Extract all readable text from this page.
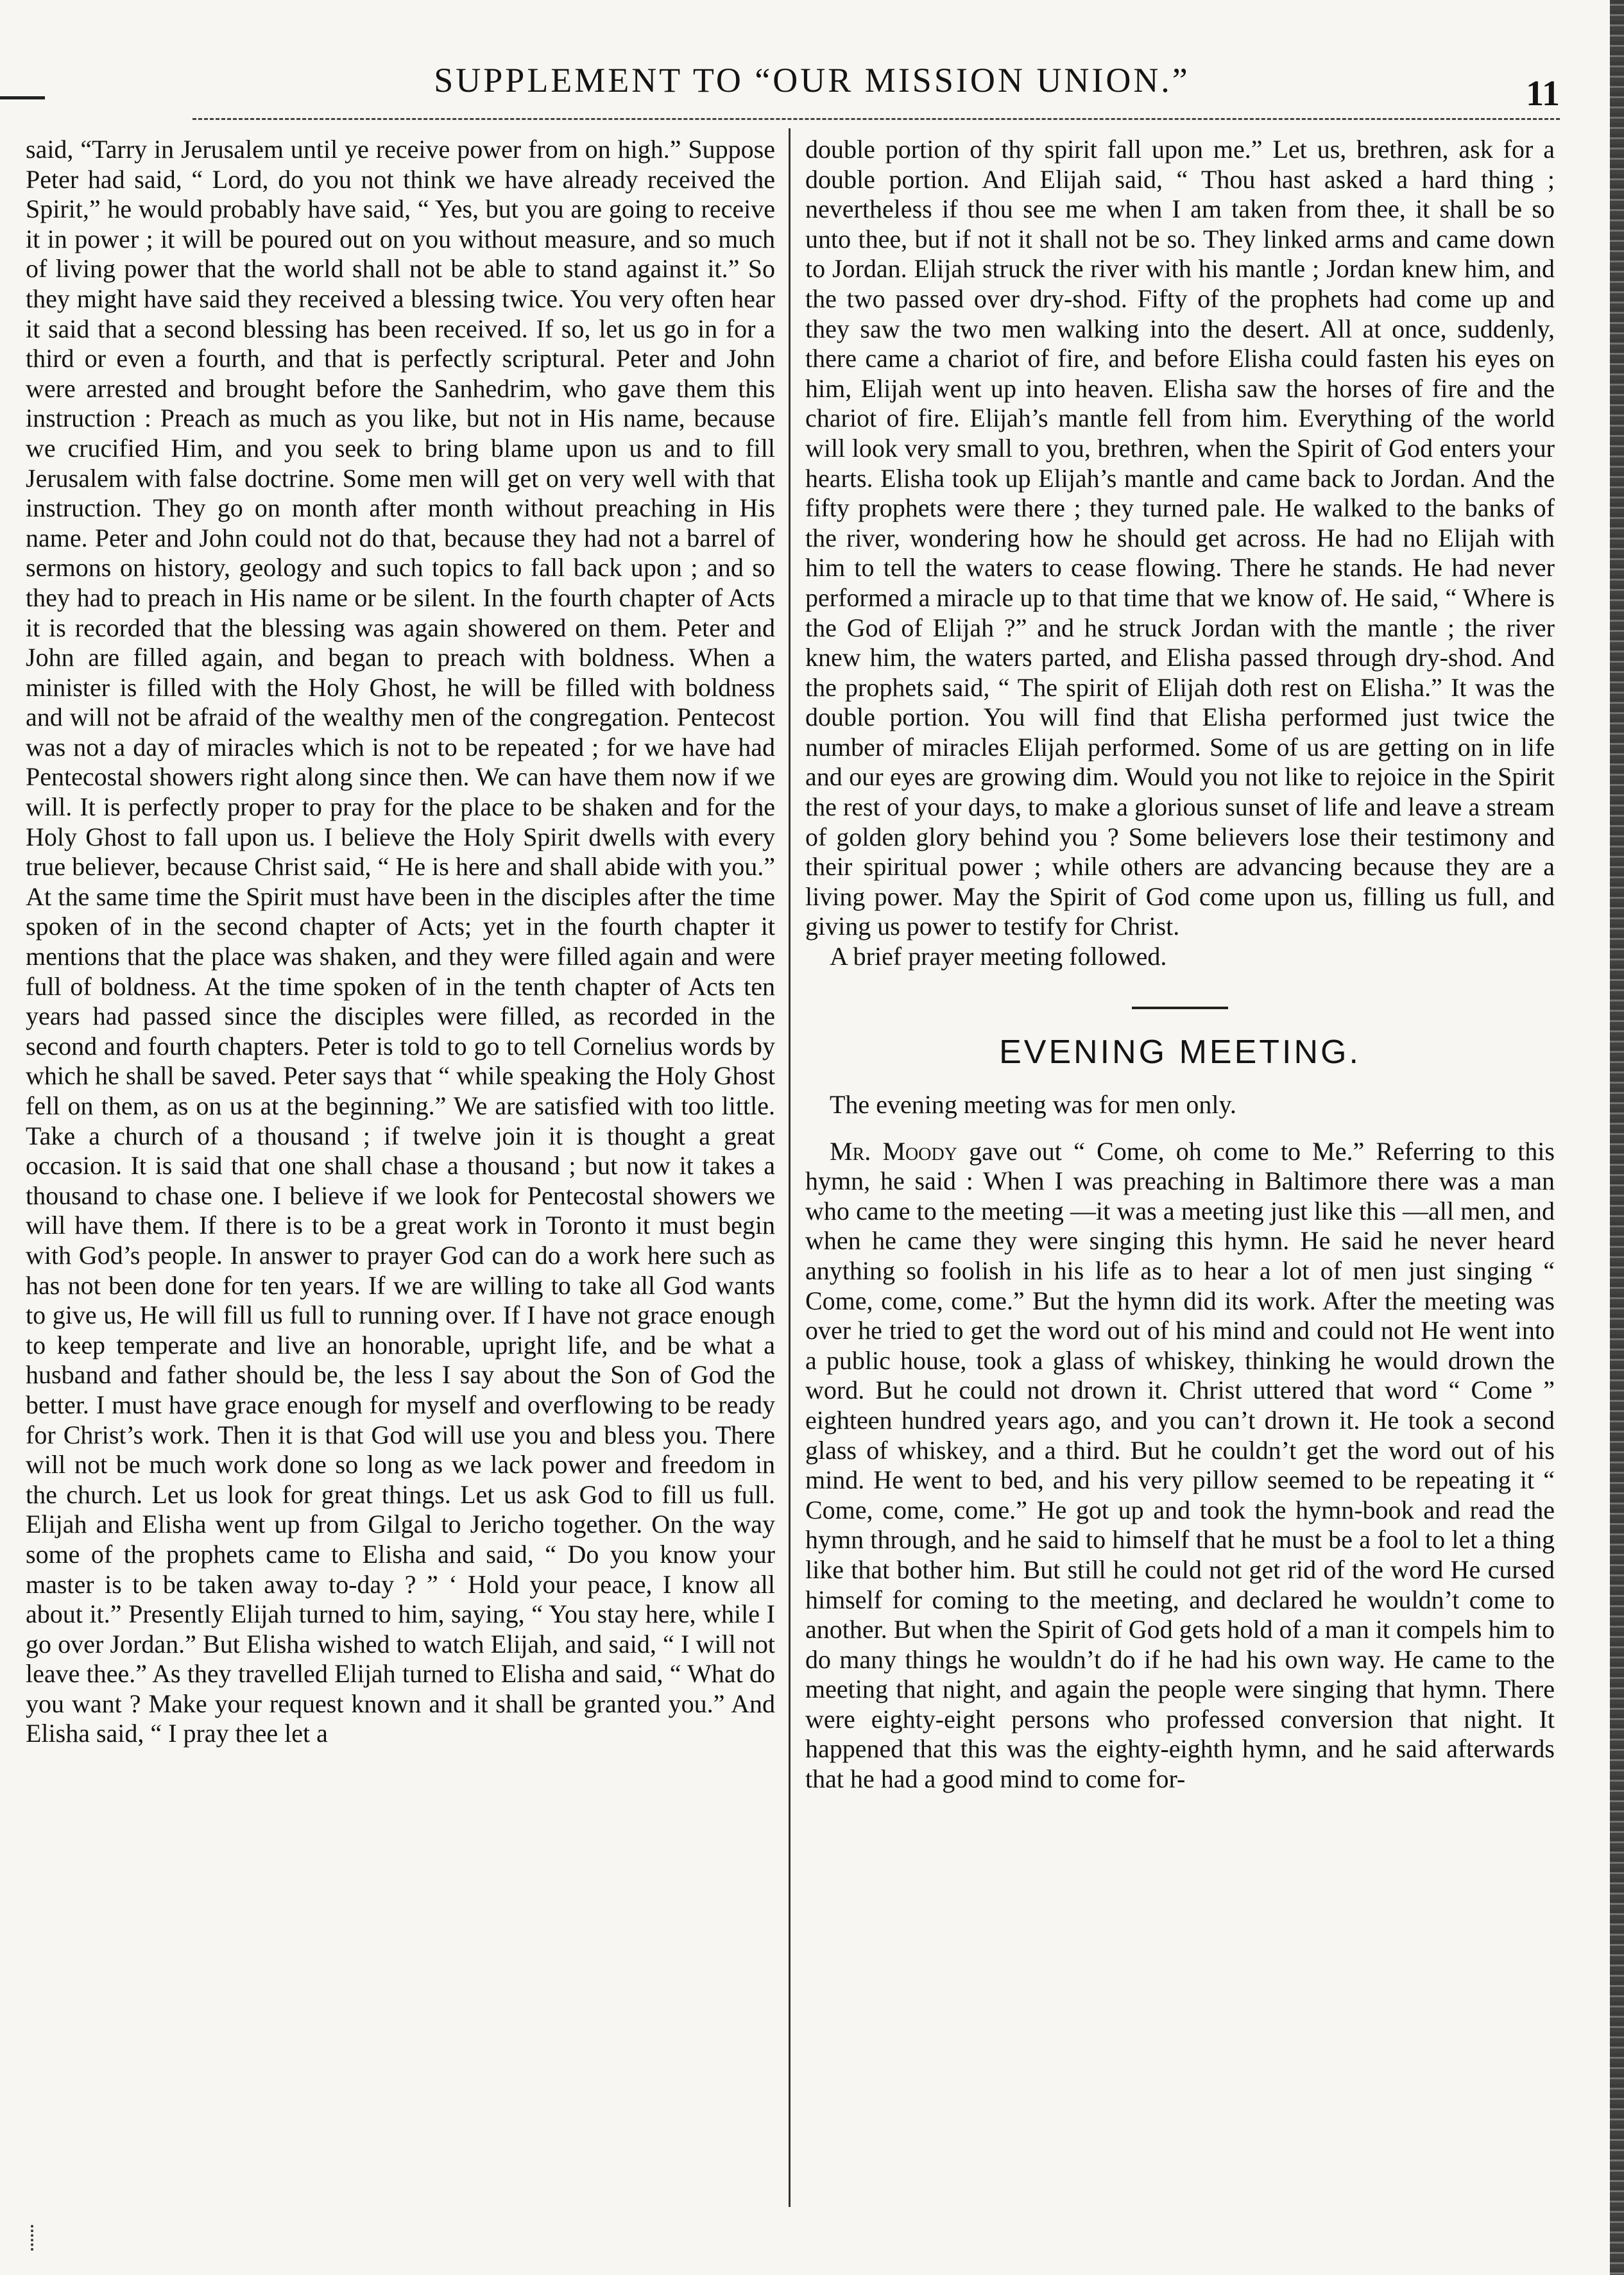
SUPPLEMENT TO “OUR MISSION UNION.”	11

said, “Tarry in Jerusalem until ye receive power from on high.” Suppose Peter had said, “ Lord, do you not think we have already received the Spirit,” he would probably have said, “ Yes, but you are going to receive it in power ; it will be poured out on you without measure, and so much of living power that the world shall not be able to stand against it.” So they might have said they received a blessing twice. You very often hear it said that a second blessing has been received. If so, let us go in for a third or even a fourth, and that is perfectly scriptural. Peter and John were arrested and brought before the Sanhedrim, who gave them this instruction : Preach as much as you like, but not in His name, because we crucified Him, and you seek to bring blame upon us and to fill Jerusalem with false doctrine. Some men will get on very well with that instruction. They go on month after month without preaching in His name. Peter and John could not do that, because they had not a barrel of sermons on history, geology and such topics to fall back upon ; and so they had to preach in His name or be silent. In the fourth chapter of Acts it is recorded that the blessing was again showered on them. Peter and John are filled again, and began to preach with boldness. When a minister is filled with the Holy Ghost, he will be filled with boldness and will not be afraid of the wealthy men of the congregation. Pentecost was not a day of miracles which is not to be repeated ; for we have had Pentecostal showers right along since then. We can have them now if we will. It is perfectly proper to pray for the place to be shaken and for the Holy Ghost to fall upon us. I believe the Holy Spirit dwells with every true believer, because Christ said, “ He is here and shall abide with you.” At the same time the Spirit must have been in the disciples after the time spoken of in the second chapter of Acts; yet in the fourth chapter it mentions that the place was shaken, and they were filled again and were full of boldness. At the time spoken of in the tenth chapter of Acts ten years had passed since the disciples were filled, as recorded in the second and fourth chapters. Peter is told to go to tell Cornelius words by which he shall be saved. Peter says that “ while speaking the Holy Ghost fell on them, as on us at the beginning.” We are satisfied with too little. Take a church of a thousand ; if twelve join it is thought a great occasion. It is said that one shall chase a thousand ; but now it takes a thousand to chase one. I believe if we look for Pentecostal showers we will have them. If there is to be a great work in Toronto it must begin with God’s people. In answer to prayer God can do a work here such as has not been done for ten years. If we are willing to take all God wants to give us, He will fill us full to running over. If I have not grace enough to keep temperate and live an honorable, upright life, and be what a husband and father should be, the less I say about the Son of God the better. I must have grace enough for myself and overflowing to be ready for Christ’s work. Then it is that God will use you and bless you. There will not be much work done so long as we lack power and freedom in the church. Let us look for great things. Let us ask God to fill us full. Elijah and Elisha went up from Gilgal to Jericho together. On the way some of the prophets came to Elisha and said, “ Do you know your master is to be taken away to-day ? ” ‘ Hold your peace, I know all about it.” Presently Elijah turned to him, saying, “ You stay here, while I go over Jordan.” But Elisha wished to watch Elijah, and said, “ I will not leave thee.” As they travelled Elijah turned to Elisha and said, “ What do you want ? Make your request known and it shall be granted you.” And Elisha said, “ I pray thee let a

double portion of thy spirit fall upon me.” Let us, brethren, ask for a double portion. And Elijah said, “ Thou hast asked a hard thing ; nevertheless if thou see me when I am taken from thee, it shall be so unto thee, but if not it shall not be so. They linked arms and came down to Jordan. Elijah struck the river with his mantle ; Jordan knew him, and the two passed over dry-shod. Fifty of the prophets had come up and they saw the two men walking into the desert. All at once, suddenly, there came a chariot of fire, and before Elisha could fasten his eyes on him, Elijah went up into heaven. Elisha saw the horses of fire and the chariot of fire. Elijah’s mantle fell from him. Everything of the world will look very small to you, brethren, when the Spirit of God enters your hearts. Elisha took up Elijah’s mantle and came back to Jordan. And the fifty prophets were there ; they turned pale. He walked to the banks of the river, wondering how he should get across. He had no Elijah with him to tell the waters to cease flowing. There he stands. He had never performed a miracle up to that time that we know of. He said, “ Where is the God of Elijah ?” and he struck Jordan with the mantle ; the river knew him, the waters parted, and Elisha passed through dry-shod. And the prophets said, “ The spirit of Elijah doth rest on Elisha.” It was the double portion. You will find that Elisha performed just twice the number of miracles Elijah performed. Some of us are getting on in life and our eyes are growing dim. Would you not like to rejoice in the Spirit the rest of your days, to make a glorious sunset of life and leave a stream of golden glory behind you ? Some believers lose their testimony and their spiritual power ; while others are advancing because they are a living power. May the Spirit of God come upon us, filling us full, and giving us power to testify for Christ.

A brief prayer meeting followed.

EVENING MEETING.

The evening meeting was for men only.

Mr. Moody gave out “ Come, oh come to Me.” Referring to this hymn, he said : When I was preaching in Baltimore there was a man who came to the meeting —it was a meeting just like this —all men, and when he came they were singing this hymn. He said he never heard anything so foolish in his life as to hear a lot of men just singing “ Come, come, come.” But the hymn did its work. After the meeting was over he tried to get the word out of his mind and could not He went into a public house, took a glass of whiskey, thinking he would drown the word. But he could not drown it. Christ uttered that word “ Come ” eighteen hundred years ago, and you can’t drown it. He took a second glass of whiskey, and a third. But he couldn’t get the word out of his mind. He went to bed, and his very pillow seemed to be repeating it “ Come, come, come.” He got up and took the hymn-book and read the hymn through, and he said to himself that he must be a fool to let a thing like that bother him. But still he could not get rid of the word He cursed himself for coming to the meeting, and declared he wouldn’t come to another. But when the Spirit of God gets hold of a man it compels him to do many things he wouldn’t do if he had his own way. He came to the meeting that night, and again the people were singing that hymn. There were eighty-eight persons who professed conversion that night. It happened that this was the eighty-eighth hymn, and he said afterwards that he had a good mind to come for-
